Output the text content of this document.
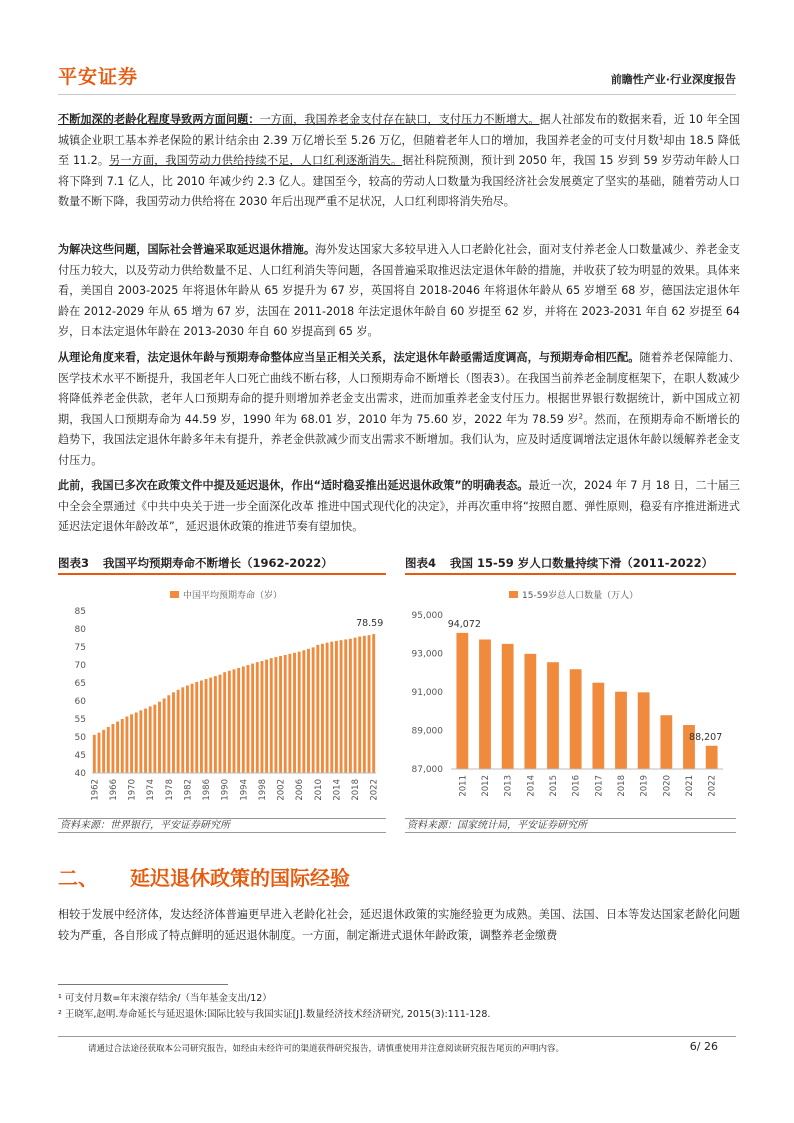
平安证券	前瞻性产业·行业深度报告

不断加深的老龄化程度导致两方面问题：一方面，我国养老金支付存在缺口，支付压力不断增大。据人社部发布的数据来看，近 10 年全国城镇企业职工基本养老保险的累计结余由 2.39 万亿增长至 5.26 万亿，但随着老年人口的增加，我国养老金的可支付月数$^1$却由 18.5 降低至 11.2。另一方面，我国劳动力供给持续不足，人口红利逐渐消失。据社科院预测，预计到 2050 年，我国 15 岁到 59 岁劳动年龄人口将下降到 7.1 亿人，比 2010 年减少约 2.3 亿人。建国至今，较高的劳动人口数量为我国经济社会发展奠定了坚实的基础，随着劳动人口数量不断下降，我国劳动力供给将在 2030 年后出现严重不足状况，人口红利即将消失殆尽。

为解决这些问题，国际社会普遍采取延迟退休措施。海外发达国家大多较早进入人口老龄化社会，面对支付养老金人口数量减少、养老金支付压力较大，以及劳动力供给数量不足、人口红利消失等问题，各国普遍采取推迟法定退休年龄的措施，并收获了较为明显的效果。具体来看，美国自 2003-2025 年将退休年龄从 65 岁提升为 67 岁，英国将自 2018-2046 年将退休年龄从 65 岁增至 68 岁，德国法定退休年龄在 2012-2029 年从 65 增为 67 岁，法国在 2011-2018 年法定退休年龄自 60 岁提至 62 岁，并将在 2023-2031 年自 62 岁提至 64 岁，日本法定退休年龄在 2013-2030 年自 60 岁提高到 65 岁。

从理论角度来看，法定退休年龄与预期寿命整体应当呈正相关关系，法定退休年龄亟需适度调高，与预期寿命相匹配。随着养老保障能力、医学技术水平不断提升，我国老年人口死亡曲线不断右移，人口预期寿命不断增长（图表3）。在我国当前养老金制度框架下，在职人数减少将降低养老金供款，老年人口预期寿命的提升则增加养老金支出需求，进而加重养老金支付压力。根据世界银行数据统计，新中国成立初期，我国人口预期寿命为 44.59 岁，1990 年为 68.01 岁，2010 年为 75.60 岁，2022 年为 78.59 岁$^2$。然而，在预期寿命不断增长的趋势下，我国法定退休年龄多年未有提升，养老金供款减少而支出需求不断增加。我们认为，应及时适度调增法定退休年龄以缓解养老金支付压力。

此前，我国已多次在政策文件中提及延迟退休，作出“适时稳妥推出延迟退休政策”的明确表态。最近一次，2024 年 7 月 18 日，二十届三中全会全票通过《中共中央关于进一步全面深化改革 推进中国式现代化的决定》，并再次重申将“按照自愿、弹性原则，稳妥有序推进渐进式延迟法定退休年龄改革”，延迟退休政策的推进节奏有望加快。

图表3 我国平均预期寿命不断增长（1962-2022）
40
45
50
55
60
65
70
75
80
85
1962 1966 1970 1974 1978 1982 1986 1990 1994 1998 2002 2006 2010 2014 2018 2022
中国平均预期寿命（岁）
78.59
资料来源：世界银行，平安证券研究所
图表4 我国 15-59 岁人口数量持续下滑（2011-2022）
87,000
89,000
91,000
93,000
95,000
2011 2012 2013 2014 2015 2016 2017 2018 2019 2020 2021 2022
15-59岁总人口数量（万人）
94,072
88,207
资料来源：国家统计局，平安证券研究所
二、 延迟退休政策的国际经验

相较于发展中经济体，发达经济体普遍更早进入老龄化社会，延迟退休政策的实施经验更为成熟。美国、法国、日本等发达国家老龄化问题较为严重，各自形成了特点鲜明的延迟退休制度。一方面，制定渐进式退休年龄政策，调整养老金缴费

¹ 可支付月数=年末滚存结余/（当年基金支出/12）
² 王晓军,赵明.寿命延长与延迟退休:国际比较与我国实证[J].数量经济技术经济研究, 2015(3):111-128.
请通过合法途径获取本公司研究报告，如经由未经许可的渠道获得研究报告，请慎重使用并注意阅读研究报告尾页的声明内容。	6/ 26
